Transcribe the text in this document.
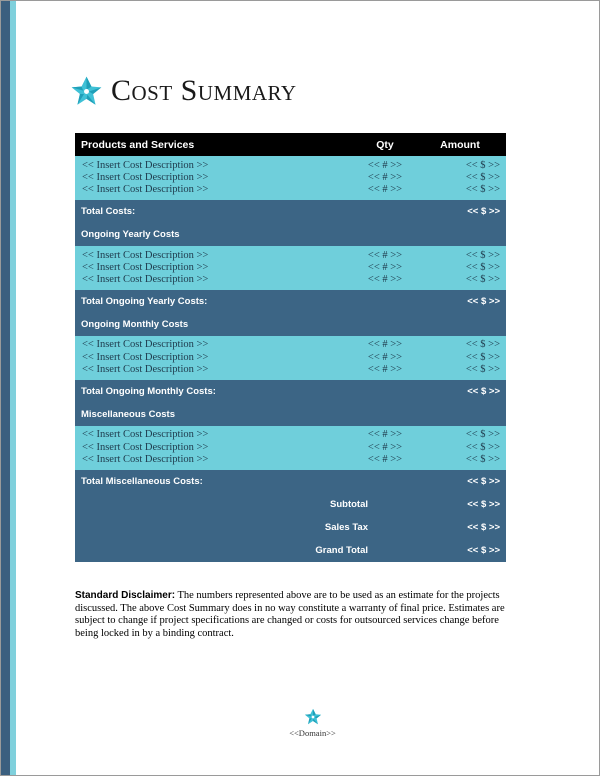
Cost Summary
Products and Services	Qty	Amount
<< Insert Cost Description >>	<< # >>	<< $ >>
<< Insert Cost Description >>	<< # >>	<< $ >>
<< Insert Cost Description >>	<< # >>	<< $ >>
Total Costs:	<< $ >>
Ongoing Yearly Costs
<< Insert Cost Description >>	<< # >>	<< $ >>
<< Insert Cost Description >>	<< # >>	<< $ >>
<< Insert Cost Description >>	<< # >>	<< $ >>
Total Ongoing Yearly Costs:	<< $ >>
Ongoing Monthly Costs
<< Insert Cost Description >>	<< # >>	<< $ >>
<< Insert Cost Description >>	<< # >>	<< $ >>
<< Insert Cost Description >>	<< # >>	<< $ >>
Total Ongoing Monthly Costs:	<< $ >>
Miscellaneous Costs
<< Insert Cost Description >>	<< # >>	<< $ >>
<< Insert Cost Description >>	<< # >>	<< $ >>
<< Insert Cost Description >>	<< # >>	<< $ >>
Total Miscellaneous Costs:	<< $ >>
Subtotal	<< $ >>
Sales Tax	<< $ >>
Grand Total	<< $ >>
Standard Disclaimer: The numbers represented above are to be used as an estimate for the projects discussed. The above Cost Summary does in no way constitute a warranty of final price. Estimates are subject to change if project specifications are changed or costs for outsourced services change before being locked in by a binding contract.
<<Domain>>
